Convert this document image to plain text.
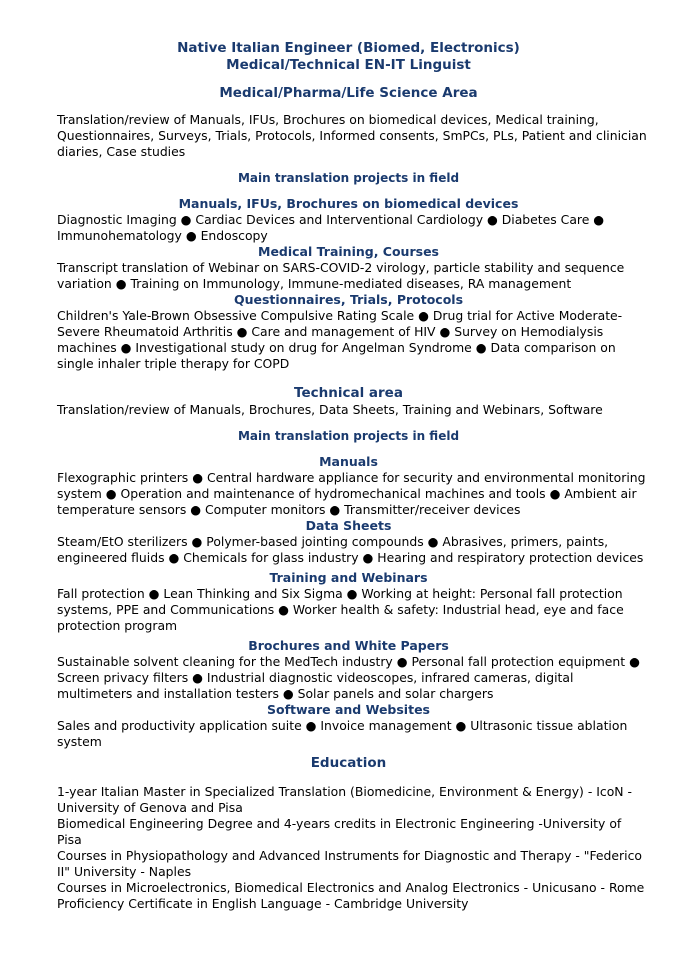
Native Italian Engineer (Biomed, Electronics)

Medical/Technical EN-IT Linguist

Medical/Pharma/Life Science Area

Translation/review of Manuals, IFUs, Brochures on biomedical devices, Medical training, Questionnaires, Surveys, Trials, Protocols, Informed consents, SmPCs, PLs, Patient and clinician diaries, Case studies

Main translation projects in field

Manuals, IFUs, Brochures on biomedical devices

Diagnostic Imaging ● Cardiac Devices and Interventional Cardiology ● Diabetes Care ● Immunohematology ● Endoscopy

Medical Training, Courses

Transcript translation of Webinar on SARS-COVID-2 virology, particle stability and sequence variation ● Training on Immunology, Immune-mediated diseases, RA management

Questionnaires, Trials, Protocols

Children's Yale-Brown Obsessive Compulsive Rating Scale ● Drug trial for Active Moderate-Severe Rheumatoid Arthritis ● Care and management of HIV ● Survey on Hemodialysis machines ● Investigational study on drug for Angelman Syndrome ● Data comparison on single inhaler triple therapy for COPD

Technical area

Translation/review of Manuals, Brochures, Data Sheets, Training and Webinars, Software

Main translation projects in field

Manuals

Flexographic printers ● Central hardware appliance for security and environmental monitoring system ● Operation and maintenance of hydromechanical machines and tools ● Ambient air temperature sensors ● Computer monitors ● Transmitter/receiver devices

Data Sheets

Steam/EtO sterilizers ● Polymer-based jointing compounds ● Abrasives, primers, paints, engineered fluids ● Chemicals for glass industry ● Hearing and respiratory protection devices

Training and Webinars

Fall protection ● Lean Thinking and Six Sigma ● Working at height: Personal fall protection systems, PPE and Communications ● Worker health & safety: Industrial head, eye and face protection program

Brochures and White Papers

Sustainable solvent cleaning for the MedTech industry ● Personal fall protection equipment ● Screen privacy filters ● Industrial diagnostic videoscopes, infrared cameras, digital multimeters and installation testers ● Solar panels and solar chargers

Software and Websites

Sales and productivity application suite ● Invoice management ● Ultrasonic tissue ablation system

Education

1-year Italian Master in Specialized Translation (Biomedicine, Environment & Energy) - IcoN - University of Genova and Pisa

Biomedical Engineering Degree and 4-years credits in Electronic Engineering -University of Pisa

Courses in Physiopathology and Advanced Instruments for Diagnostic and Therapy - "Federico II" University - Naples

Courses in Microelectronics, Biomedical Electronics and Analog Electronics - Unicusano - Rome

Proficiency Certificate in English Language - Cambridge University
